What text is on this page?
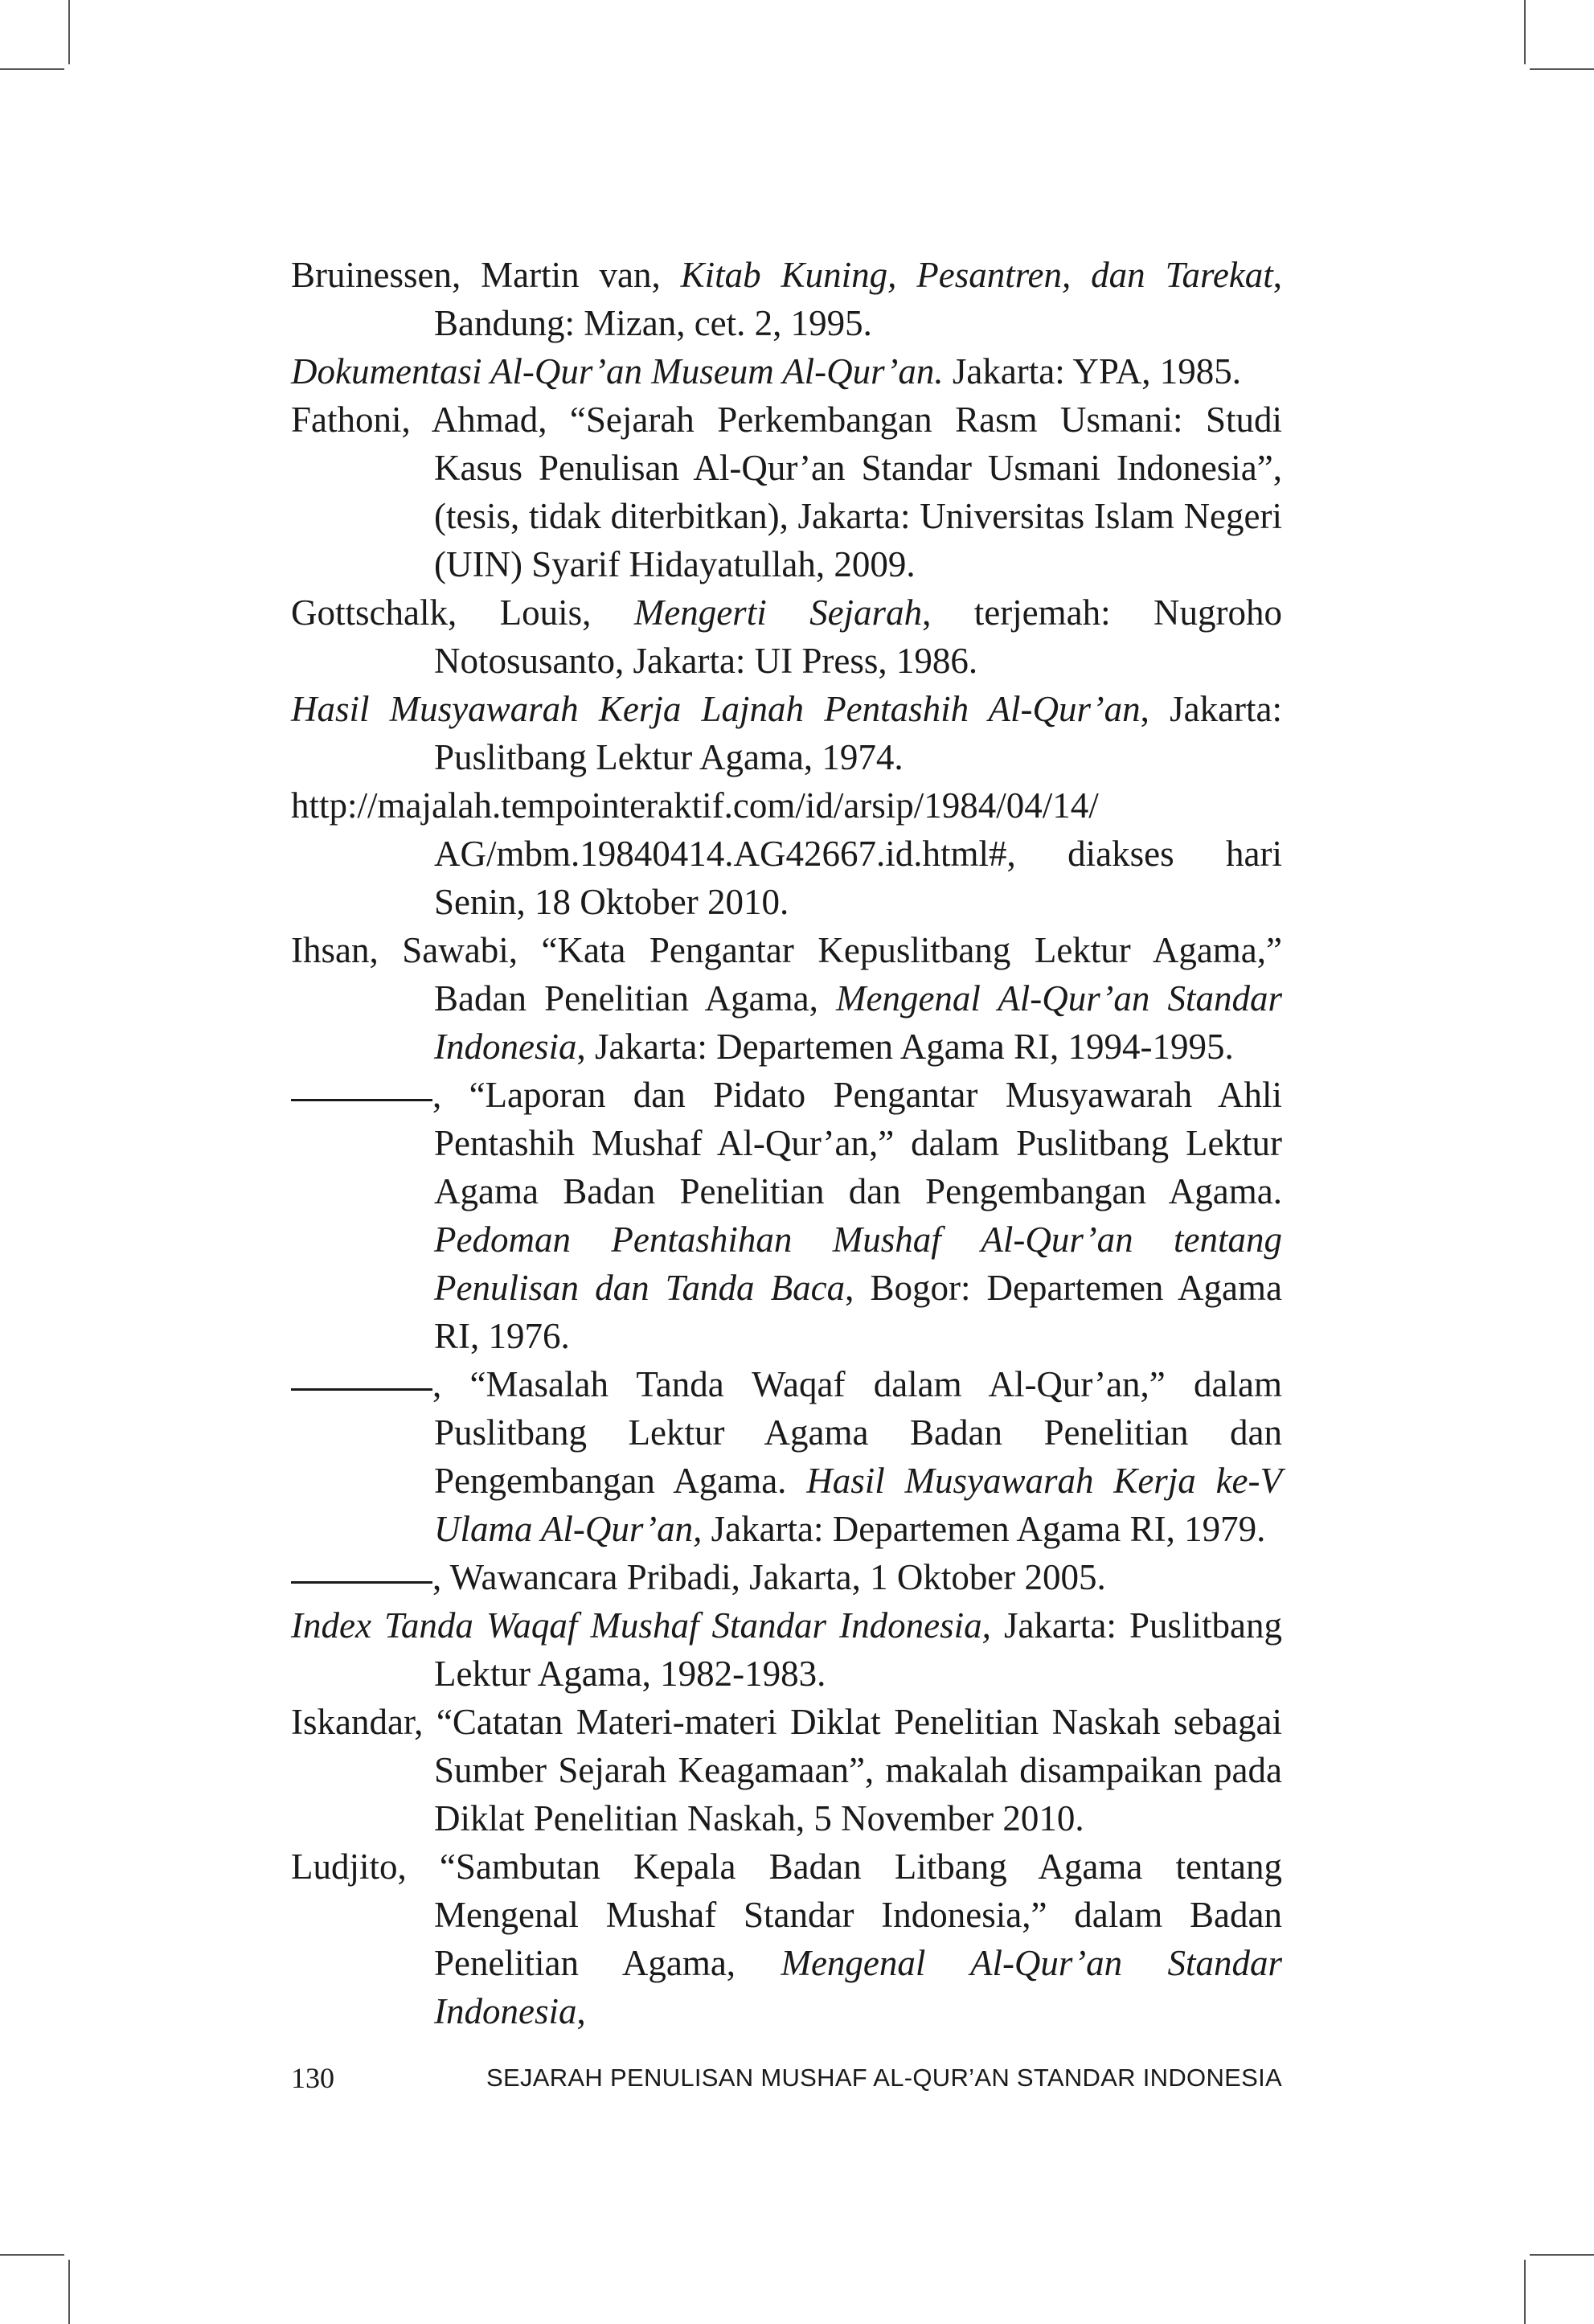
Bruinessen, Martin van, Kitab Kuning, Pesantren, dan Tarekat, Bandung: Mizan, cet. 2, 1995.

Dokumentasi Al-Qur’an Museum Al-Qur’an. Jakarta: YPA, 1985.

Fathoni, Ahmad, “Sejarah Perkembangan Rasm Usmani: Studi Kasus Penulisan Al-Qur’an Standar Usmani Indonesia”, (tesis, tidak diterbitkan), Jakarta: Universitas Islam Negeri (UIN) Syarif Hidayatullah, 2009.

Gottschalk, Louis, Mengerti Sejarah, terjemah: Nugroho Notosusanto, Jakarta: UI Press, 1986.

Hasil Musyawarah Kerja Lajnah Pentashih Al-Qur’an, Jakarta: Puslitbang Lektur Agama, 1974.

http://majalah.tempointeraktif.com/id/arsip/1984/04/14/ AG/mbm.19840414.AG42667.id.html#, diakses hari Senin, 18 Oktober 2010.

Ihsan, Sawabi, “Kata Pengantar Kepuslitbang Lektur Agama,” Badan Penelitian Agama, Mengenal Al-Qur’an Standar Indonesia, Jakarta: Departemen Agama RI, 1994-1995.

, “Laporan dan Pidato Pengantar Musyawarah Ahli Pentashih Mushaf Al-Qur’an,” dalam Puslitbang Lektur Agama Badan Penelitian dan Pengembangan Agama. Pedoman Pentashihan Mushaf Al-Qur’an tentang Penulisan dan Tanda Baca, Bogor: Departemen Agama RI, 1976.

, “Masalah Tanda Waqaf dalam Al-Qur’an,” dalam Puslitbang Lektur Agama Badan Penelitian dan Pengembangan Agama. Hasil Musyawarah Kerja ke-V Ulama Al-Qur’an, Jakarta: Departemen Agama RI, 1979.

, Wawancara Pribadi, Jakarta, 1 Oktober 2005.

Index Tanda Waqaf Mushaf Standar Indonesia, Jakarta: Puslitbang Lektur Agama, 1982-1983.

Iskandar, “Catatan Materi-materi Diklat Penelitian Naskah sebagai Sumber Sejarah Keagamaan”, makalah disampaikan pada Diklat Penelitian Naskah, 5 November 2010.

Ludjito, “Sambutan Kepala Badan Litbang Agama tentang Mengenal Mushaf Standar Indonesia,” dalam Badan Penelitian Agama, Mengenal Al-Qur’an Standar Indonesia,

130	SEJARAH PENULISAN MUSHAF AL-QUR’AN STANDAR INDONESIA
